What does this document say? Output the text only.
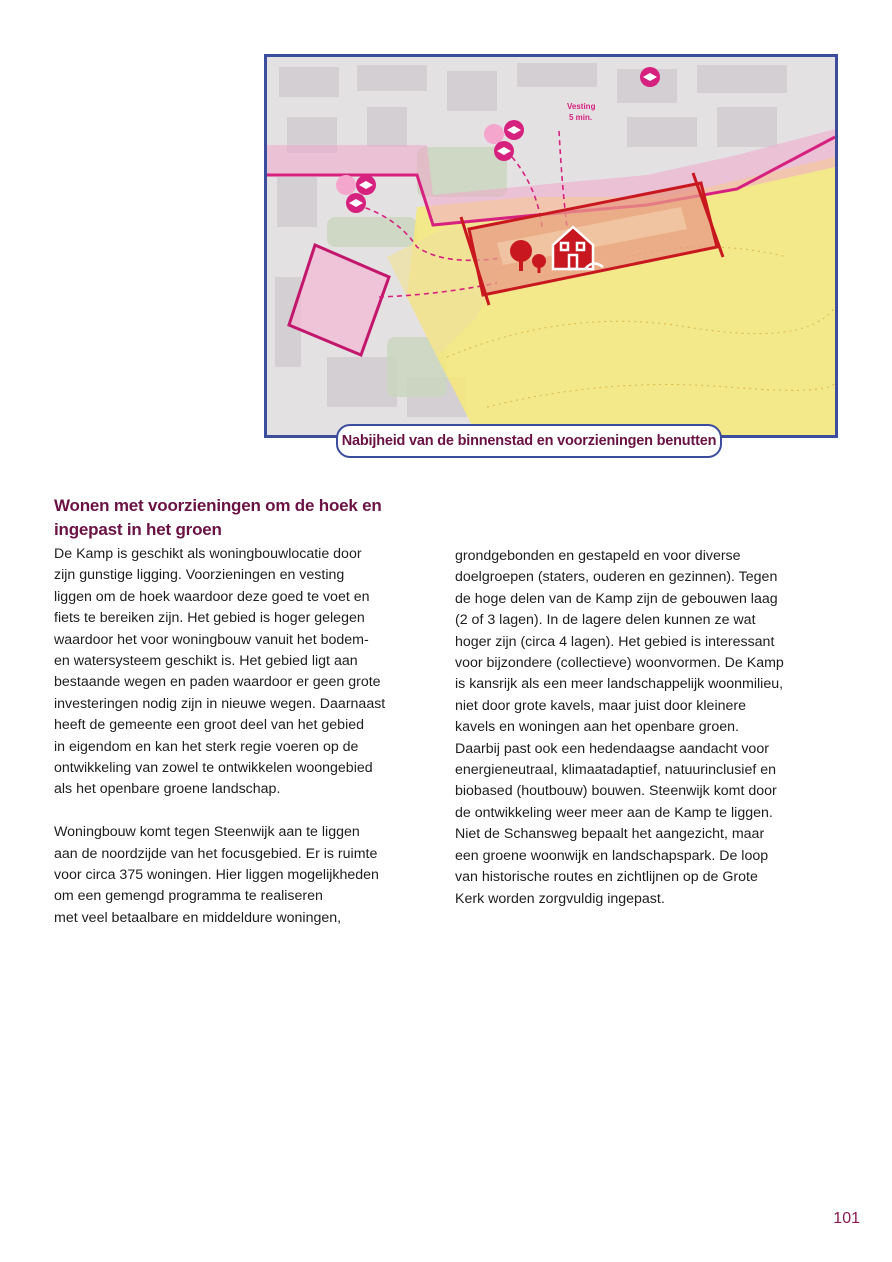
Vesting
5 min.
Nabijheid van de binnenstad en voorzieningen benutten
Wonen met voorzieningen om de hoek en
ingepast in het groen
De Kamp is geschikt als woningbouwlocatie door
zijn gunstige ligging. Voorzieningen en vesting
liggen om de hoek waardoor deze goed te voet en
fiets te bereiken zijn. Het gebied is hoger gelegen
waardoor het voor woningbouw vanuit het bodem-
en watersysteem geschikt is. Het gebied ligt aan
bestaande wegen en paden waardoor er geen grote
investeringen nodig zijn in nieuwe wegen. Daarnaast
heeft de gemeente een groot deel van het gebied
in eigendom en kan het sterk regie voeren op de
ontwikkeling van zowel te ontwikkelen woongebied
als het openbare groene landschap.
Woningbouw komt tegen Steenwijk aan te liggen
aan de noordzijde van het focusgebied. Er is ruimte
voor circa 375 woningen. Hier liggen mogelijkheden
om een gemengd programma te realiseren
met veel betaalbare en middeldure woningen,
grondgebonden en gestapeld en voor diverse
doelgroepen (staters, ouderen en gezinnen). Tegen
de hoge delen van de Kamp zijn de gebouwen laag
(2 of 3 lagen). In de lagere delen kunnen ze wat
hoger zijn (circa 4 lagen). Het gebied is interessant
voor bijzondere (collectieve) woonvormen. De Kamp
is kansrijk als een meer landschappelijk woonmilieu,
niet door grote kavels, maar juist door kleinere
kavels en woningen aan het openbare groen.
Daarbij past ook een hedendaagse aandacht voor
energieneutraal, klimaatadaptief, natuurinclusief en
biobased (houtbouw) bouwen. Steenwijk komt door
de ontwikkeling weer meer aan de Kamp te liggen.
Niet de Schansweg bepaalt het aangezicht, maar
een groene woonwijk en landschapspark. De loop
van historische routes en zichtlijnen op de Grote
Kerk worden zorgvuldig ingepast.
101
